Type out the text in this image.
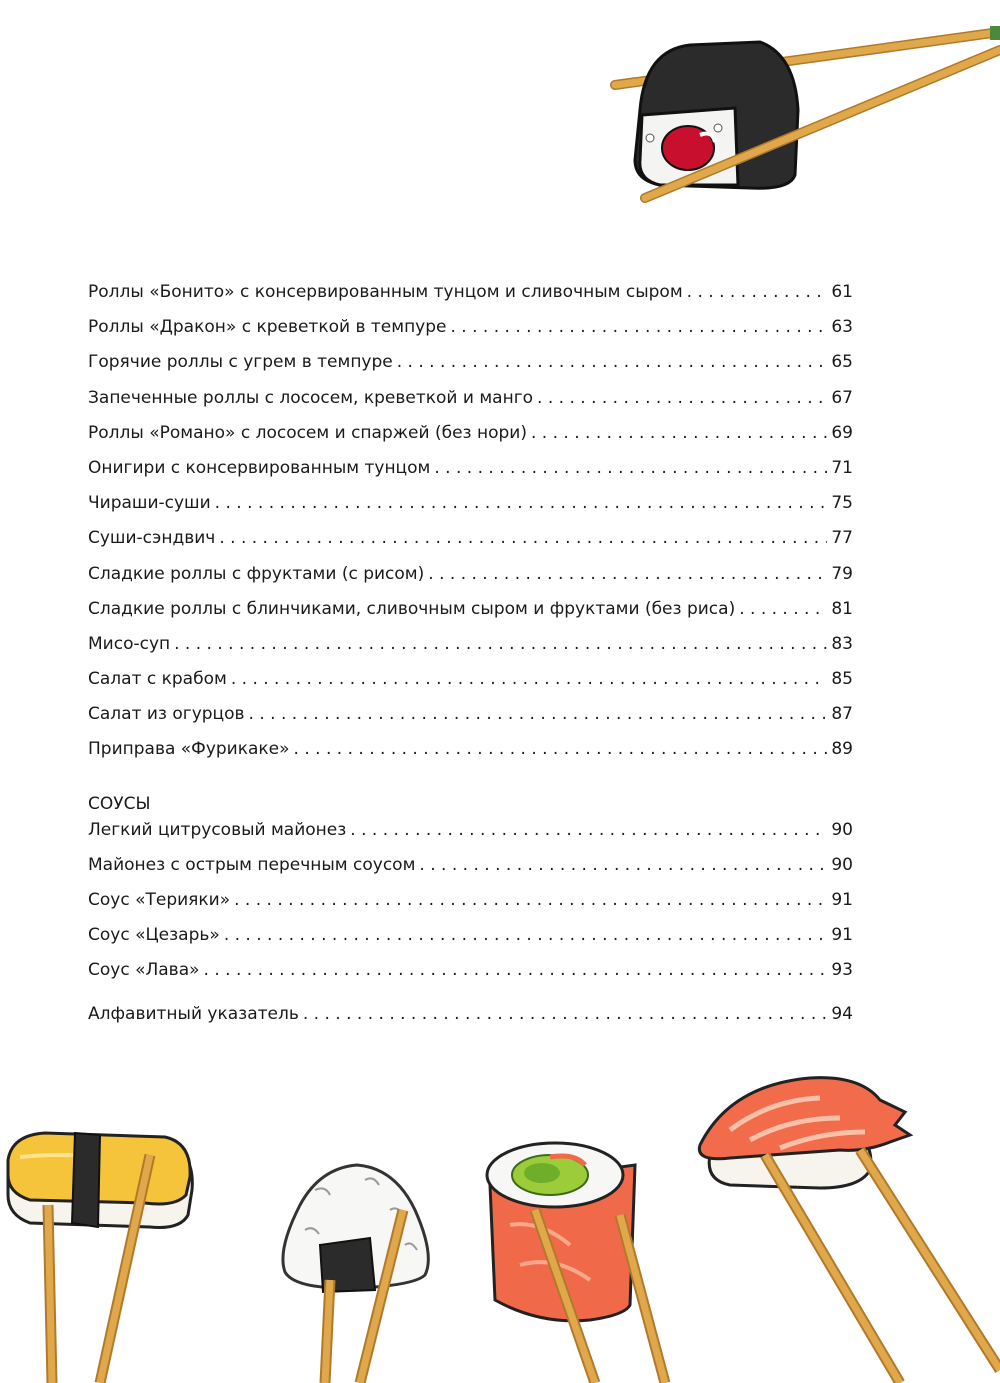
Роллы «Бонито» с консервированным тунцом и сливочным сыром . . .	61
Роллы «Дракон» с креветкой в темпуре . . .	63
Горячие роллы с угрем в темпуре . . .	65
Запеченные роллы с лососем, креветкой и манго . . .	67
Роллы «Романо» с лососем и спаржей (без нори) . . .	69
Онигири с консервированным тунцом . . .	71
Чираши-суши . . .	75
Суши-сэндвич . . .	77
Сладкие роллы с фруктами (с рисом) . . .	79
Сладкие роллы с блинчиками, сливочным сыром и фруктами (без риса) . . .	81
Мисо-суп . . .	83
Салат с крабом . . .	85
Салат из огурцов . . .	87
Приправа «Фурикаке» . . .	89
СОУСЫ
Легкий цитрусовый майонез . . .	90
Майонез с острым перечным соусом . . .	90
Соус «Терияки» . . .	91
Соус «Цезарь» . . .	91
Соус «Лава» . . .	93
Алфавитный указатель . . .	94
